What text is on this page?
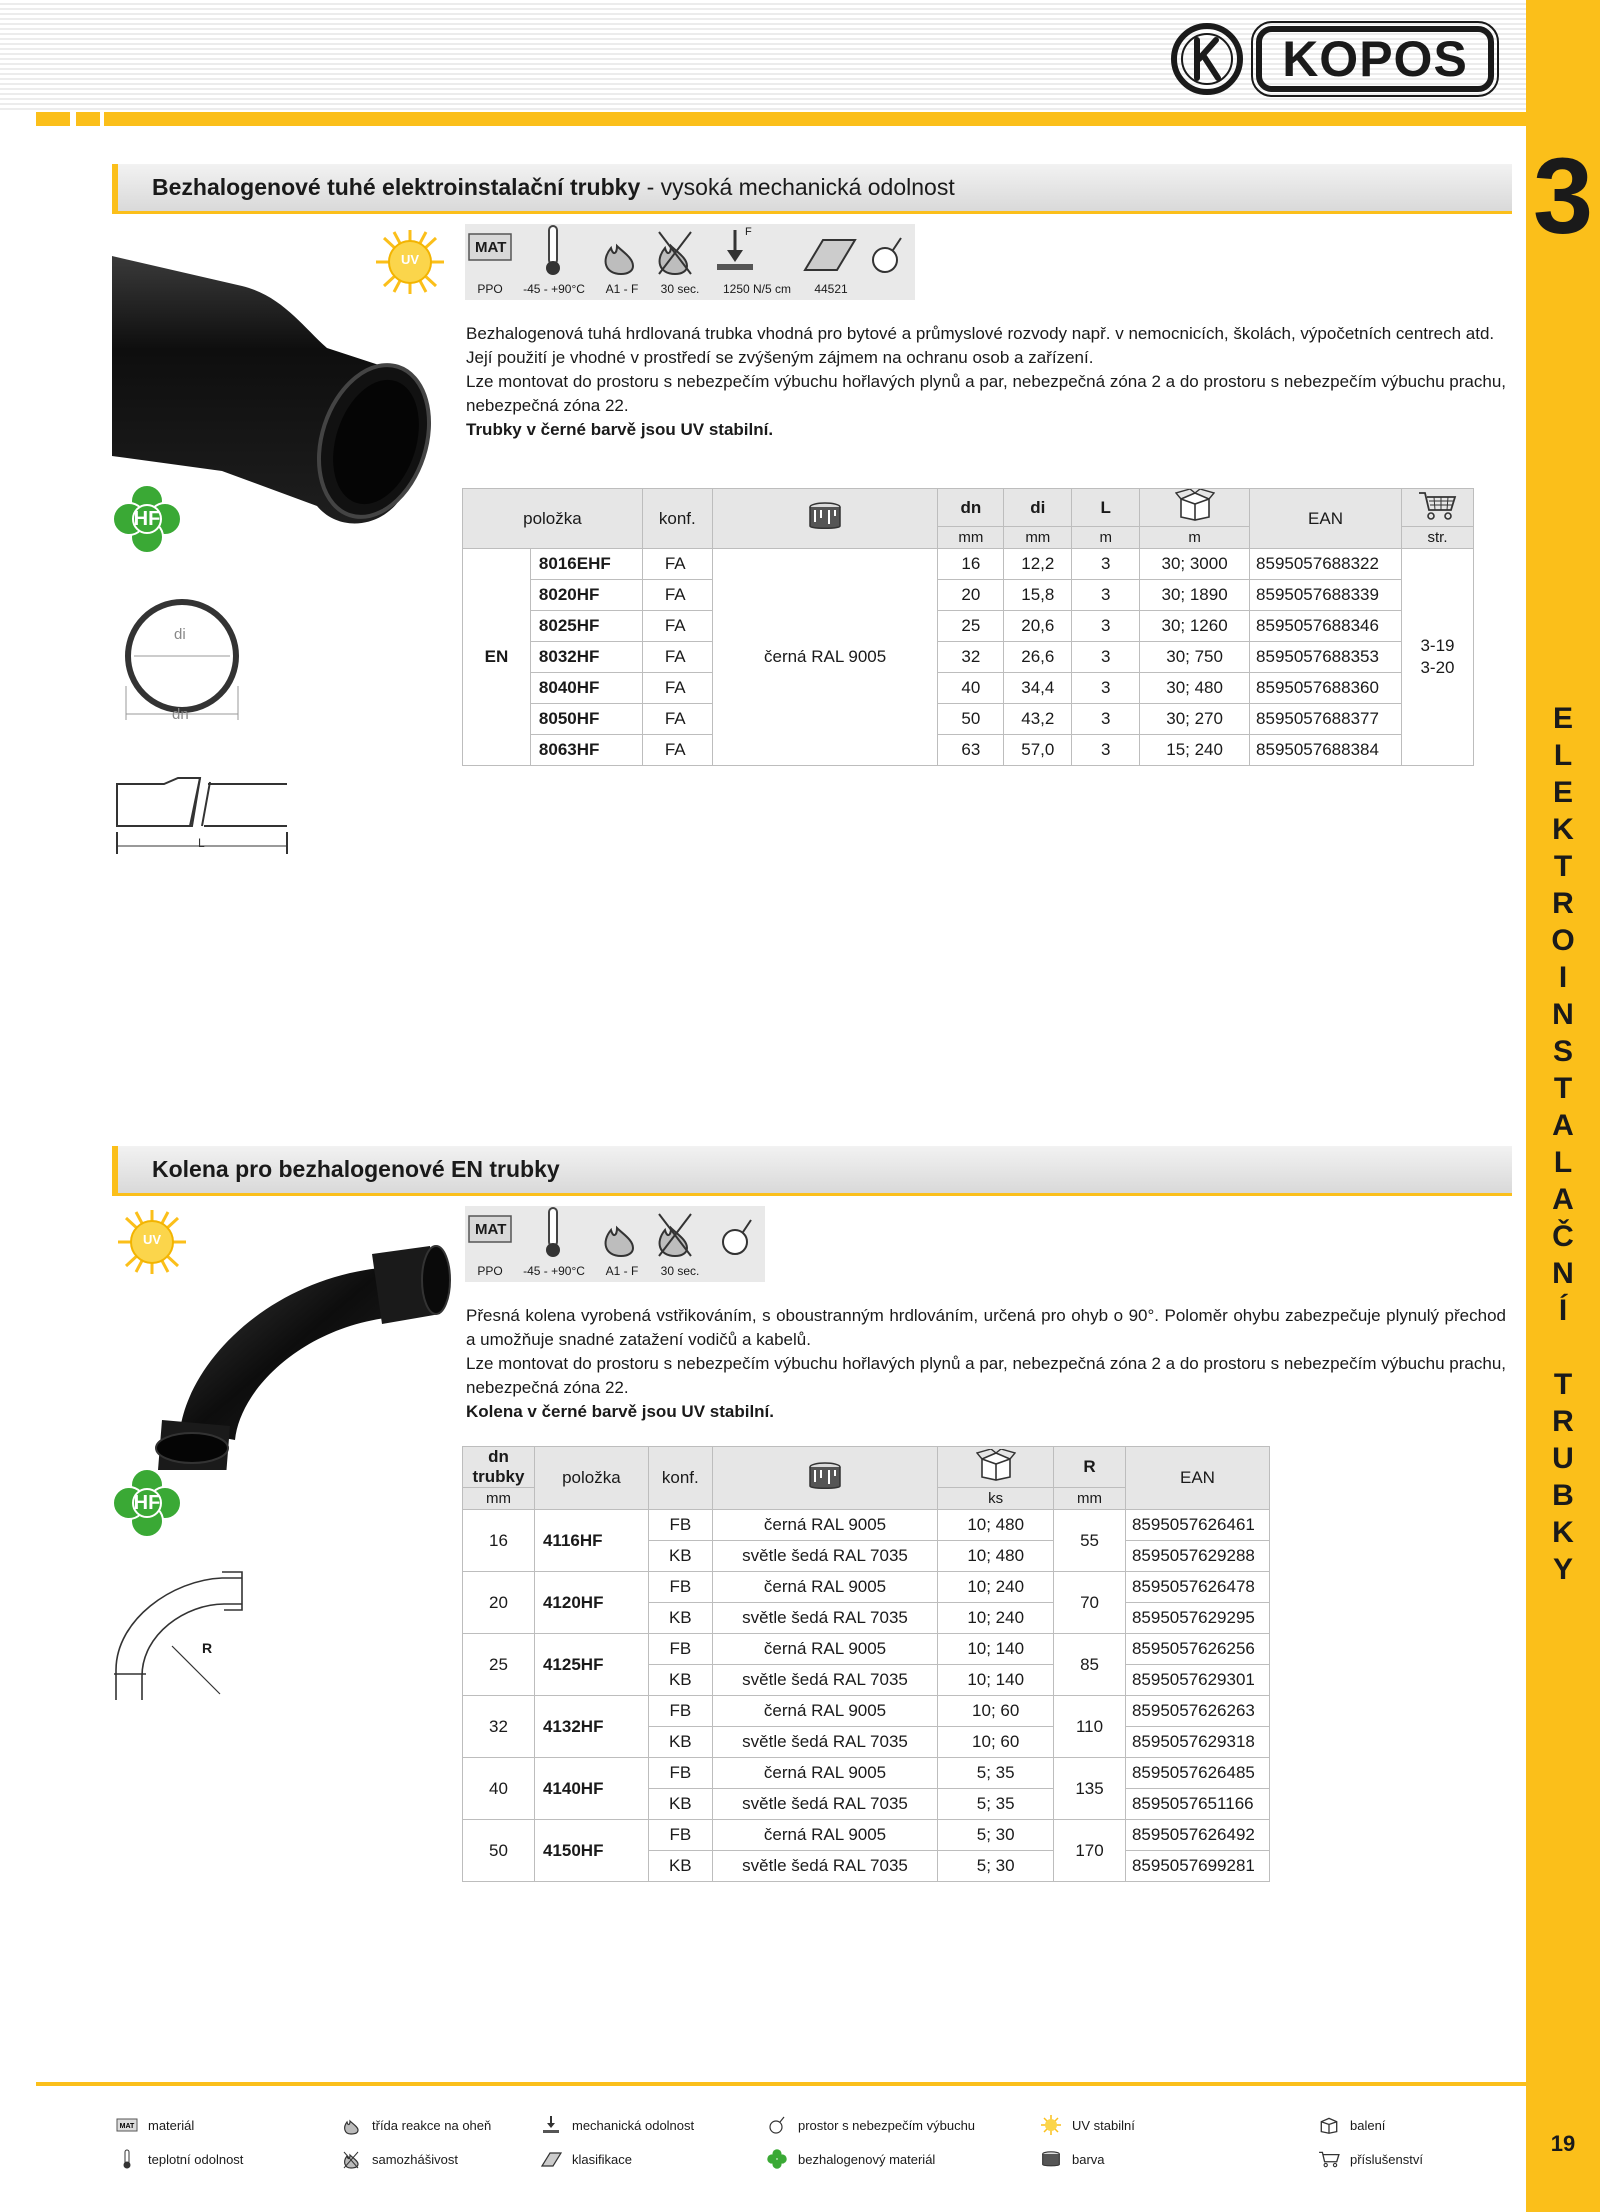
KOPOS
3
E
L
E
K
T
R
O
I
N
S
T
A
L
A
Č
N
Í
T
R
U
B
K
Y
19
Bezhalogenové tuhé elektroinstalační trubky - vysoká mechanická odolnost
UV
MAT
F
PPO -45 - +90°C A1 - F 30 sec. 1250 N/5 cm 44521
HF
di
dn
L

Bezhalogenová tuhá hrdlovaná trubka vhodná pro bytové a průmyslové rozvody např. v nemocnicích, školách, výpočetních centrech atd.

Její použití je vhodné v prostředí se zvýšeným zájmem na ochranu osob a zařízení.

Lze montovat do prostoru s nebezpečím výbuchu hořlavých plynů a par, nebezpečná zóna 2 a do prostoru s nebezpečím výbuchu prachu, nebezpečná zóna 22.

Trubky v černé barvě jsou UV stabilní.

položka		konf.		dn	di	L		EAN	
				mm	mm	m	m		str.
EN	8016EHF	FA	černá RAL 9005	16	12,2	3	30; 3000	8595057688322	3-19
3-20

	8020HF	FA		20	15,8	3	30; 1890	8595057688339	
	8025HF	FA		25	20,6	3	30; 1260	8595057688346	
	8032HF	FA		32	26,6	3	30; 750	8595057688353	
	8040HF	FA		40	34,4	3	30; 480	8595057688360	
	8050HF	FA		50	43,2	3	30; 270	8595057688377	
	8063HF	FA		63	57,0	3	15; 240	8595057688384	
Kolena pro bezhalogenové EN trubky
UV
MAT
PPO -45 - +90°C A1 - F 30 sec.
HF
R

Přesná kolena vyrobená vstřikováním, s oboustranným hrdlováním, určená pro ohyb o 90°. Poloměr ohybu zabezpečuje plynulý přechod a umožňuje snadné zatažení vodičů a kabelů.

Lze montovat do prostoru s nebezpečím výbuchu hořlavých plynů a par, nebezpečná zóna 2 a do prostoru s nebezpečím výbuchu prachu, nebezpečná zóna 22.

Kolena v černé barvě jsou UV stabilní.

dn
trubky	položka	konf.			R	EAN
mm				ks	mm	
16	4116HF	FB	černá RAL 9005	10; 480	55	8595057626461
		KB	světle šedá RAL 7035	10; 480		8595057629288
20	4120HF	FB	černá RAL 9005	10; 240	70	8595057626478
		KB	světle šedá RAL 7035	10; 240		8595057629295
25	4125HF	FB	černá RAL 9005	10; 140	85	8595057626256
		KB	světle šedá RAL 7035	10; 140		8595057629301
32	4132HF	FB	černá RAL 9005	10; 60	110	8595057626263
		KB	světle šedá RAL 7035	10; 60		8595057629318
40	4140HF	FB	černá RAL 9005	5; 35	135	8595057626485
		KB	světle šedá RAL 7035	5; 35		8595057651166
50	4150HF	FB	černá RAL 9005	5; 30	170	8595057626492
		KB	světle šedá RAL 7035	5; 30		8595057699281
MAT materiál	třída reakce na oheň	mechanická odolnost	prostor s nebezpečím výbuchu	UV stabilní	balení
teplotní odolnost	samozhášivost	klasifikace	bezhalogenový materiál	barva	příslušenství
